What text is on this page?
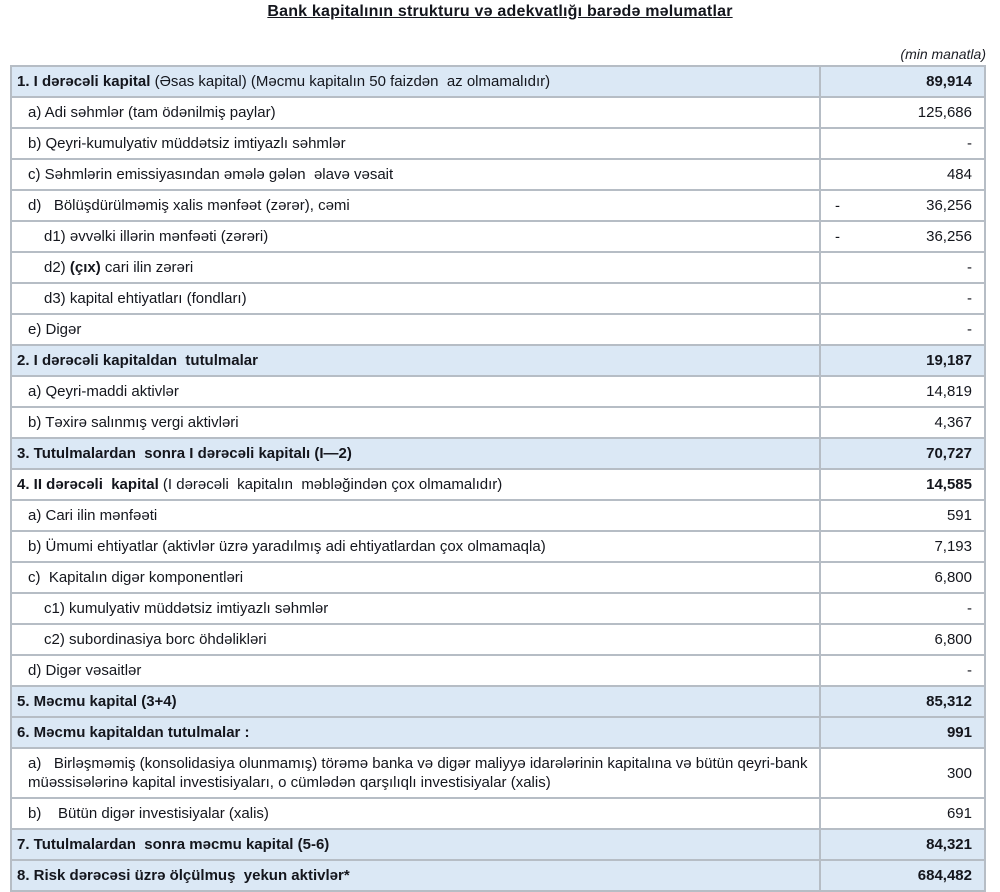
Bank kapitalının strukturu və adekvatlığı barədə məlumatlar
(min manatla)
1. I dərəcəli kapital (Əsas kapital) (Məcmu kapitalın 50 faizdən  az olmamalıdır)	89,914
a) Adi səhmlər (tam ödənilmiş paylar)	125,686
b) Qeyri-kumulyativ müddətsiz imtiyazlı səhmlər	-
c) Səhmlərin emissiyasından əmələ gələn  əlavə vəsait	484
d)   Bölüşdürülməmiş xalis mənfəət (zərər), cəmi	- 36,256
d1) əvvəlki illərin mənfəəti (zərəri)	- 36,256
d2) (çıx) cari ilin zərəri	-
d3) kapital ehtiyatları (fondları)	-
e) Digər	-
2. I dərəcəli kapitaldan  tutulmalar	19,187
a) Qeyri-maddi aktivlər	14,819
b) Təxirə salınmış vergi aktivləri	4,367
3. Tutulmalardan  sonra I dərəcəli kapitalı (I—2)	70,727
4. II dərəcəli  kapital (I dərəcəli  kapitalın  məbləğindən çox olmamalıdır)	14,585
a) Cari ilin mənfəəti	591
b) Ümumi ehtiyatlar (aktivlər üzrə yaradılmış adi ehtiyatlardan çox olmamaqla)	7,193
c)  Kapitalın digər komponentləri	6,800
c1) kumulyativ müddətsiz imtiyazlı səhmlər	-
c2) subordinasiya borc öhdəlikləri	6,800
d) Digər vəsaitlər	-
5. Məcmu kapital (3+4)	85,312
6. Məcmu kapitaldan tutulmalar :	991
a)   Birləşməmiş (konsolidasiya olunmamış) törəmə banka və digər maliyyə idarələrinin kapitalına və bütün qeyri-bank müəssisələrinə kapital investisiyaları, o cümlədən qarşılıqlı investisiyalar (xalis)	300
b)    Bütün digər investisiyalar (xalis)	691
7. Tutulmalardan  sonra məcmu kapital (5-6)	84,321
8. Risk dərəcəsi üzrə ölçülmuş  yekun aktivlər*	684,482
